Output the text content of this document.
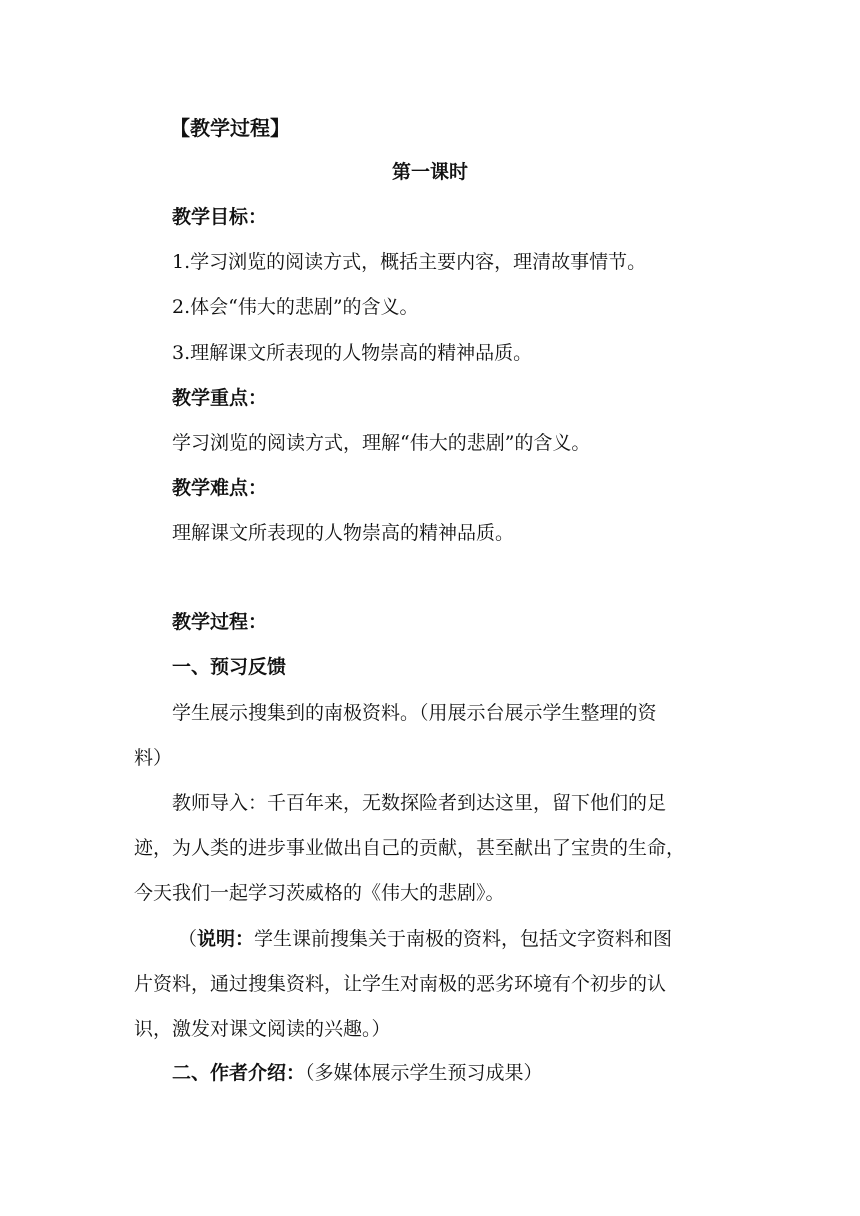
【教学过程】
第一课时
教学目标：
1.学习浏览的阅读方式，概括主要内容，理清故事情节。
2.体会“伟大的悲剧”的含义。
3.理解课文所表现的人物崇高的精神品质。
教学重点：
学习浏览的阅读方式，理解“伟大的悲剧”的含义。
教学难点：
理解课文所表现的人物崇高的精神品质。
教学过程：
一、预习反馈
学生展示搜集到的南极资料。（用展示台展示学生整理的资
料）
教师导入：千百年来，无数探险者到达这里，留下他们的足
迹，为人类的进步事业做出自己的贡献，甚至献出了宝贵的生命，
今天我们一起学习茨威格的《伟大的悲剧》。
（说明：学生课前搜集关于南极的资料，包括文字资料和图
片资料，通过搜集资料，让学生对南极的恶劣环境有个初步的认
识，激发对课文阅读的兴趣。）
二、作者介绍：（多媒体展示学生预习成果）
